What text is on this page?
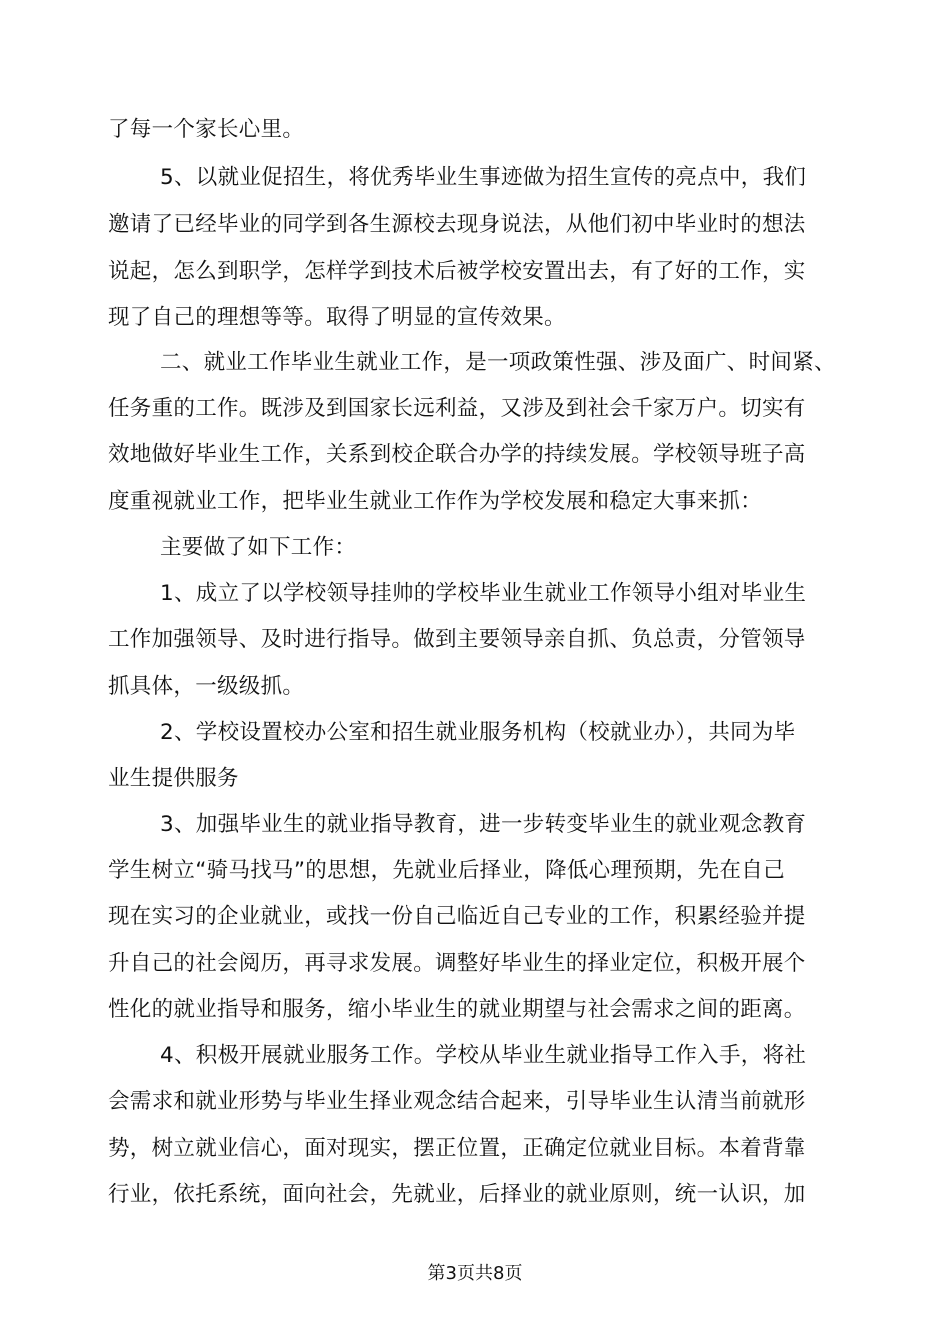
了每一个家长心里。
5、以就业促招生，将优秀毕业生事迹做为招生宣传的亮点中，我们
邀请了已经毕业的同学到各生源校去现身说法，从他们初中毕业时的想法
说起，怎么到职学，怎样学到技术后被学校安置出去，有了好的工作，实
现了自己的理想等等。取得了明显的宣传效果。
二、就业工作毕业生就业工作，是一项政策性强、涉及面广、时间紧、
任务重的工作。既涉及到国家长远利益，又涉及到社会千家万户。切实有
效地做好毕业生工作，关系到校企联合办学的持续发展。学校领导班子高
度重视就业工作，把毕业生就业工作作为学校发展和稳定大事来抓：
主要做了如下工作：
1、成立了以学校领导挂帅的学校毕业生就业工作领导小组对毕业生
工作加强领导、及时进行指导。做到主要领导亲自抓、负总责，分管领导
抓具体，一级级抓。
2、学校设置校办公室和招生就业服务机构（校就业办），共同为毕
业生提供服务
3、加强毕业生的就业指导教育，进一步转变毕业生的就业观念教育
学生树立“骑马找马”的思想，先就业后择业，降低心理预期，先在自己
现在实习的企业就业，或找一份自己临近自己专业的工作，积累经验并提
升自己的社会阅历，再寻求发展。调整好毕业生的择业定位，积极开展个
性化的就业指导和服务，缩小毕业生的就业期望与社会需求之间的距离。
4、积极开展就业服务工作。学校从毕业生就业指导工作入手，将社
会需求和就业形势与毕业生择业观念结合起来，引导毕业生认清当前就形
势，树立就业信心，面对现实，摆正位置，正确定位就业目标。本着背靠
行业，依托系统，面向社会，先就业，后择业的就业原则，统一认识，加
第3页共8页
